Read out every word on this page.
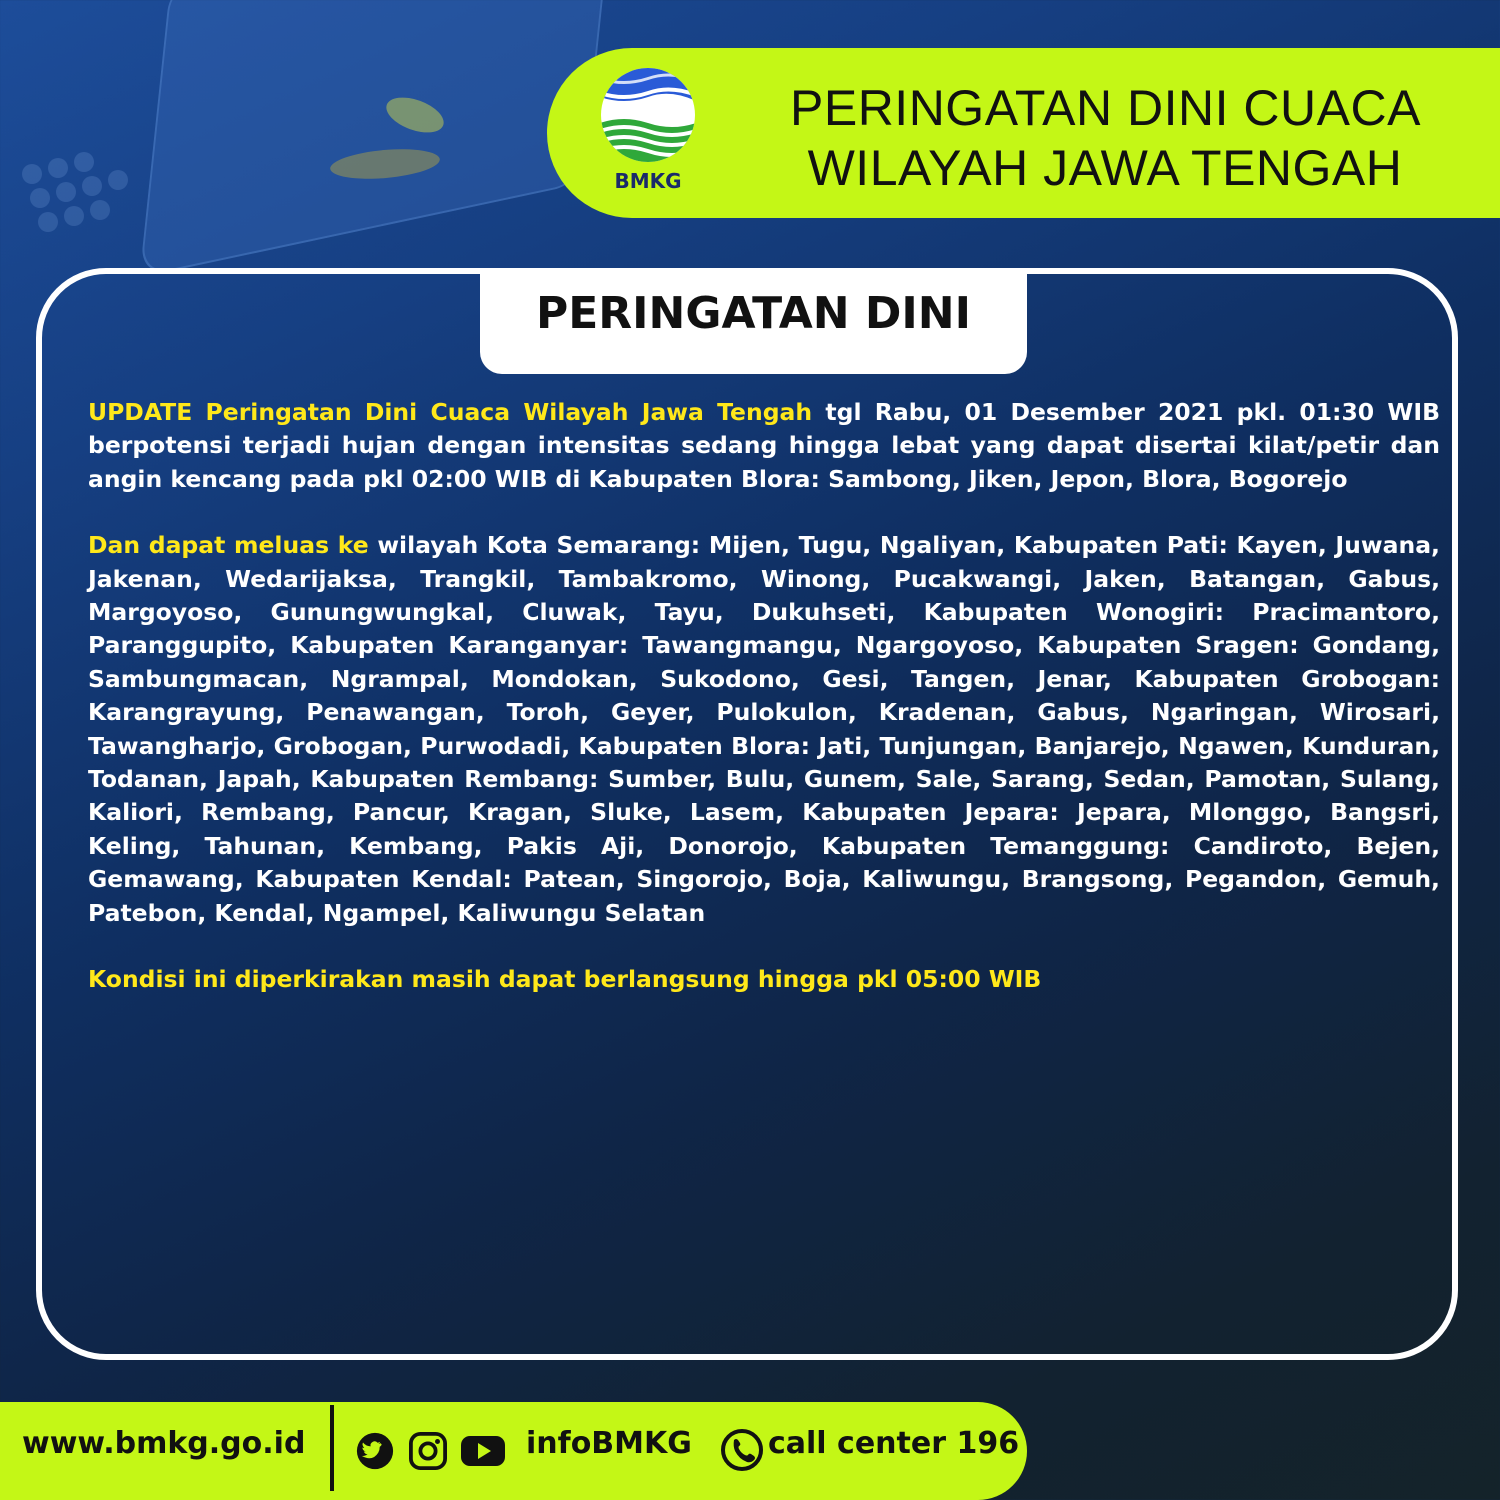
BMKG
PERINGATAN DINI CUACA
WILAYAH JAWA TENGAH
PERINGATAN DINI

UPDATE Peringatan Dini Cuaca Wilayah Jawa Tengah tgl Rabu, 01 Desember 2021 pkl. 01:30 WIB berpotensi terjadi hujan dengan intensitas sedang hingga lebat yang dapat disertai kilat/petir dan angin kencang pada pkl 02:00 WIB di Kabupaten Blora: Sambong, Jiken, Jepon, Blora, Bogorejo

Dan dapat meluas ke wilayah Kota Semarang: Mijen, Tugu, Ngaliyan, Kabupaten Pati: Kayen, Juwana, Jakenan, Wedarijaksa, Trangkil, Tambakromo, Winong, Pucakwangi, Jaken, Batangan, Gabus, Margoyoso, Gunungwungkal, Cluwak, Tayu, Dukuhseti, Kabupaten Wonogiri: Pracimantoro, Paranggupito, Kabupaten Karanganyar: Tawangmangu, Ngargoyoso, Kabupaten Sragen: Gondang, Sambungmacan, Ngrampal, Mondokan, Sukodono, Gesi, Tangen, Jenar, Kabupaten Grobogan: Karangrayung, Penawangan, Toroh, Geyer, Pulokulon, Kradenan, Gabus, Ngaringan, Wirosari, Tawangharjo, Grobogan, Purwodadi, Kabupaten Blora: Jati, Tunjungan, Banjarejo, Ngawen, Kunduran, Todanan, Japah, Kabupaten Rembang: Sumber, Bulu, Gunem, Sale, Sarang, Sedan, Pamotan, Sulang, Kaliori, Rembang, Pancur, Kragan, Sluke, Lasem, Kabupaten Jepara: Jepara, Mlonggo, Bangsri, Keling, Tahunan, Kembang, Pakis Aji, Donorojo, Kabupaten Temanggung: Candiroto, Bejen, Gemawang, Kabupaten Kendal: Patean, Singorojo, Boja, Kaliwungu, Brangsong, Pegandon, Gemuh, Patebon, Kendal, Ngampel, Kaliwungu Selatan

Kondisi ini diperkirakan masih dapat berlangsung hingga pkl 05:00 WIB

www.bmkg.go.id	infoBMKG	call center 196
